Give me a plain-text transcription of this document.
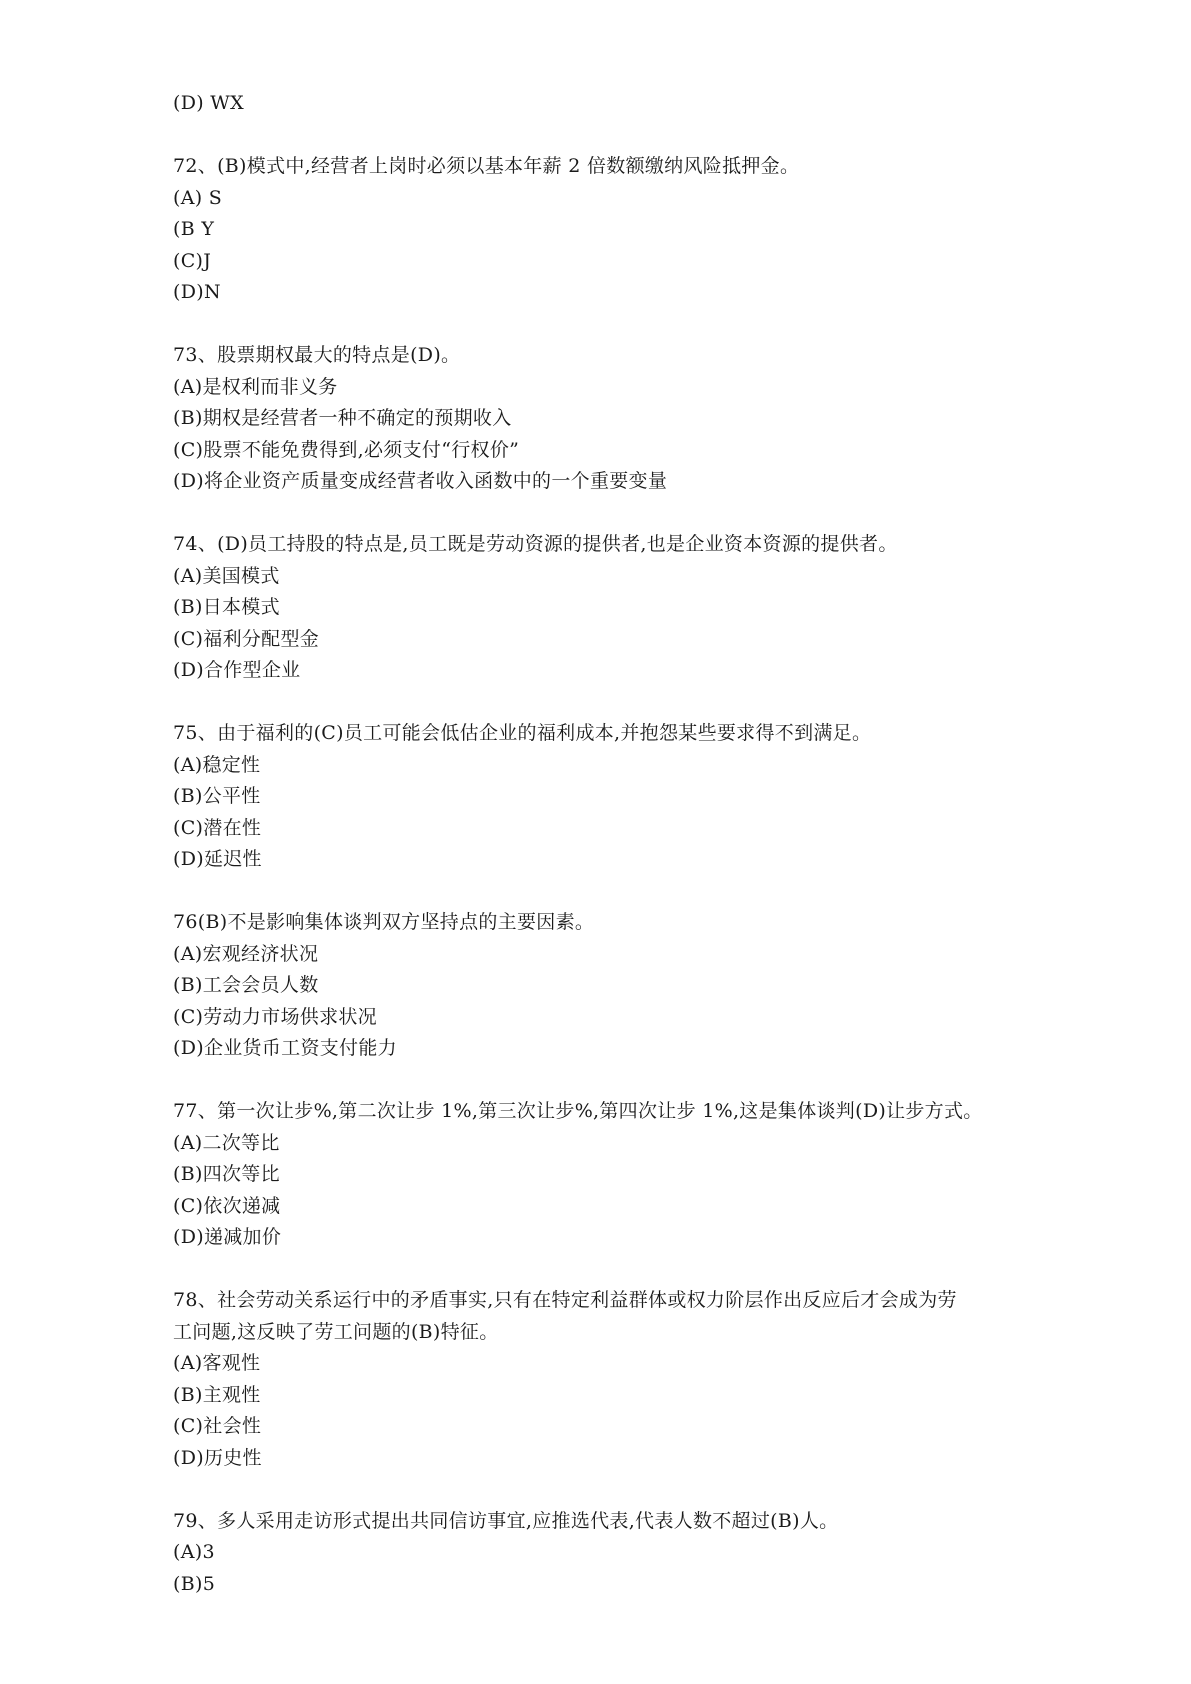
(D) WX
72、(B)模式中,经营者上岗时必须以基本年薪 2 倍数额缴纳风险抵押金。
(A) S
(B Y
(C)J
(D)N
73、股票期权最大的特点是(D)。
(A)是权利而非义务
(B)期权是经营者一种不确定的预期收入
(C)股票不能免费得到,必须支付“行权价”
(D)将企业资产质量变成经营者收入函数中的一个重要变量
74、(D)员工持股的特点是,员工既是劳动资源的提供者,也是企业资本资源的提供者。
(A)美国模式
(B)日本模式
(C)福利分配型金
(D)合作型企业
75、由于福利的(C)员工可能会低估企业的福利成本,并抱怨某些要求得不到满足。
(A)稳定性
(B)公平性
(C)潜在性
(D)延迟性
76(B)不是影响集体谈判双方坚持点的主要因素。
(A)宏观经济状况
(B)工会会员人数
(C)劳动力市场供求状况
(D)企业货币工资支付能力
77、第一次让步%,第二次让步 1%,第三次让步%,第四次让步 1%,这是集体谈判(D)让步方式。
(A)二次等比
(B)四次等比
(C)依次递减
(D)递减加价
78、社会劳动关系运行中的矛盾事实,只有在特定利益群体或权力阶层作出反应后才会成为劳
工问题,这反映了劳工问题的(B)特征。
(A)客观性
(B)主观性
(C)社会性
(D)历史性
79、多人采用走访形式提出共同信访事宜,应推选代表,代表人数不超过(B)人。
(A)3
(B)5
